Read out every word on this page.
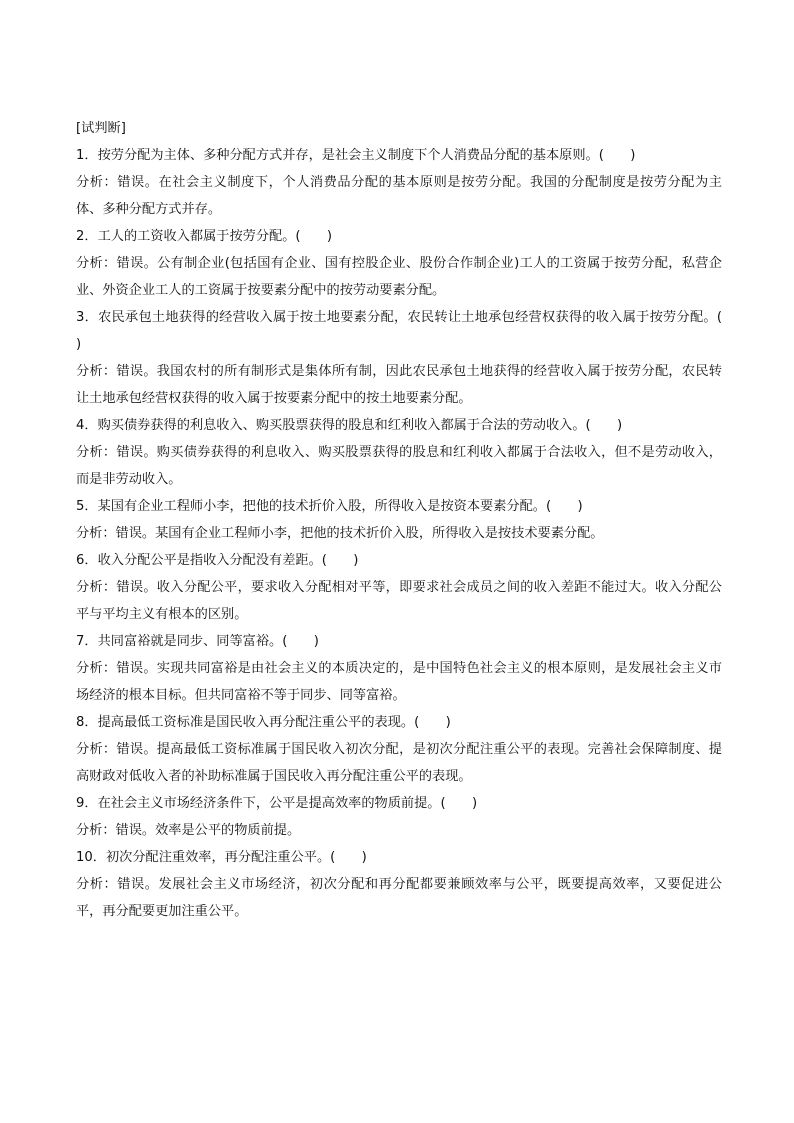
[试判断]

1．按劳分配为主体、多种分配方式并存，是社会主义制度下个人消费品分配的基本原则。(　　)

分析：错误。在社会主义制度下，个人消费品分配的基本原则是按劳分配。我国的分配制度是按劳分配为主体、多种分配方式并存。

2．工人的工资收入都属于按劳分配。(　　)

分析：错误。公有制企业(包括国有企业、国有控股企业、股份合作制企业)工人的工资属于按劳分配，私营企业、外资企业工人的工资属于按要素分配中的按劳动要素分配。

3．农民承包土地获得的经营收入属于按土地要素分配，农民转让土地承包经营权获得的收入属于按劳分配。(　　)

分析：错误。我国农村的所有制形式是集体所有制，因此农民承包土地获得的经营收入属于按劳分配，农民转让土地承包经营权获得的收入属于按要素分配中的按土地要素分配。

4．购买债券获得的利息收入、购买股票获得的股息和红利收入都属于合法的劳动收入。(　　)

分析：错误。购买债券获得的利息收入、购买股票获得的股息和红利收入都属于合法收入，但不是劳动收入，而是非劳动收入。

5．某国有企业工程师小李，把他的技术折价入股，所得收入是按资本要素分配。(　　)

分析：错误。某国有企业工程师小李，把他的技术折价入股，所得收入是按技术要素分配。

6．收入分配公平是指收入分配没有差距。(　　)

分析：错误。收入分配公平，要求收入分配相对平等，即要求社会成员之间的收入差距不能过大。收入分配公平与平均主义有根本的区别。

7．共同富裕就是同步、同等富裕。(　　)

分析：错误。实现共同富裕是由社会主义的本质决定的，是中国特色社会主义的根本原则，是发展社会主义市场经济的根本目标。但共同富裕不等于同步、同等富裕。

8．提高最低工资标准是国民收入再分配注重公平的表现。(　　)

分析：错误。提高最低工资标准属于国民收入初次分配，是初次分配注重公平的表现。完善社会保障制度、提高财政对低收入者的补助标准属于国民收入再分配注重公平的表现。

9．在社会主义市场经济条件下，公平是提高效率的物质前提。(　　)

分析：错误。效率是公平的物质前提。

10．初次分配注重效率，再分配注重公平。(　　)

分析：错误。发展社会主义市场经济，初次分配和再分配都要兼顾效率与公平，既要提高效率，又要促进公平，再分配要更加注重公平。
